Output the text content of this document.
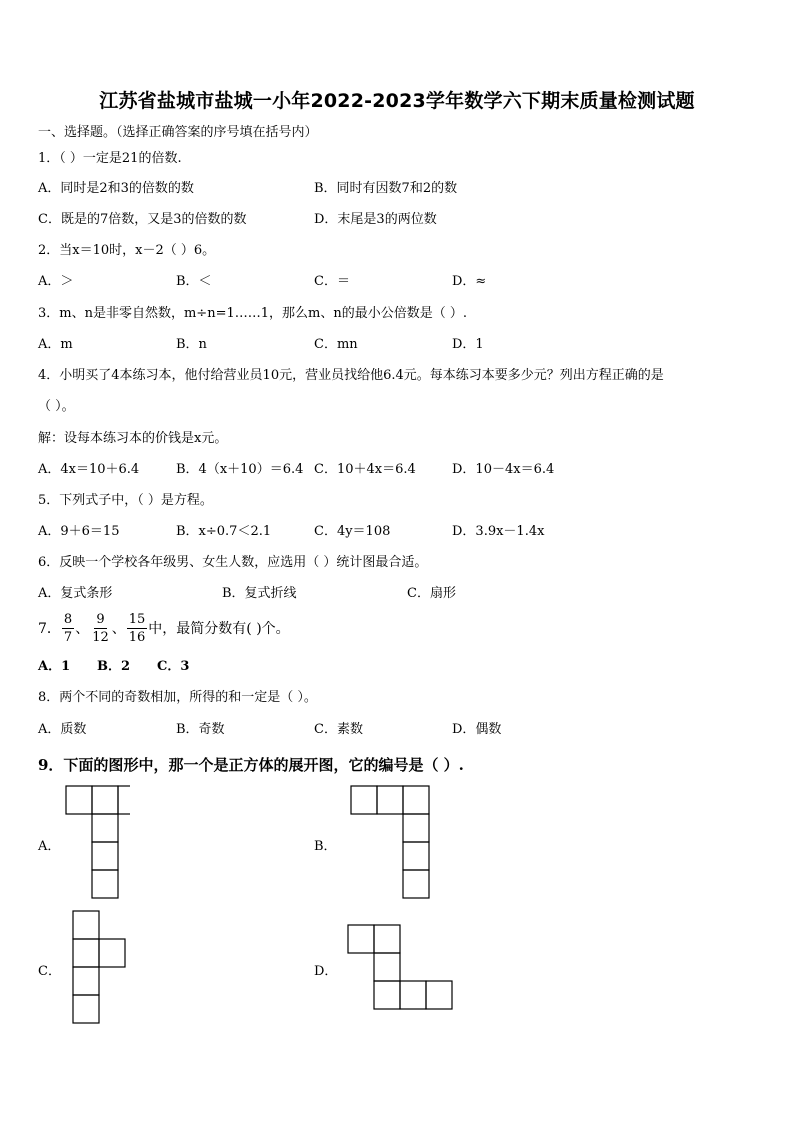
江苏省盐城市盐城一小年2022-2023学年数学六下期末质量检测试题
一、选择题。（选择正确答案的序号填在括号内）
1．（ ）一定是21的倍数.
A．同时是2和3的倍数的数	B．同时有因数7和2的数
C．既是的7倍数，又是3的倍数的数	D．末尾是3的两位数
2．当x＝10时，x－2（ ）6。
A．＞	B．＜	C．＝	D．≈
3．m、n是非零自然数，m÷n=1……1，那么m、n的最小公倍数是（ ）.
A．m	B．n	C．mn	D．1
4．小明买了4本练习本，他付给营业员10元，营业员找给他6.4元。每本练习本要多少元？列出方程正确的是
（ ）。
解：设每本练习本的价钱是x元。
A．4x＝10＋6.4	B．4（x＋10）＝6.4 C．10＋4x＝6.4	D．10－4x＝6.4
5．下列式子中，（ ）是方程。
A．9＋6＝15	B．x÷0.7＜2.1	C．4y＝108	D．3.9x－1.4x
6．反映一个学校各年级男、女生人数，应选用（ ）统计图最合适。
A．复式条形	B．复式折线	C．扇形
7． $\frac{8}{7}$ 、 $\frac{9}{12}$ 、 $\frac{15}{16}$ 中，最简分数有( )个。
A．1 B．2 C．3
8．两个不同的奇数相加，所得的和一定是（ ）。
A．质数	B．奇数	C．素数	D．偶数
9．下面的图形中，那一个是正方体的展开图，它的编号是（ ）.
A．	B．
C．	D．
